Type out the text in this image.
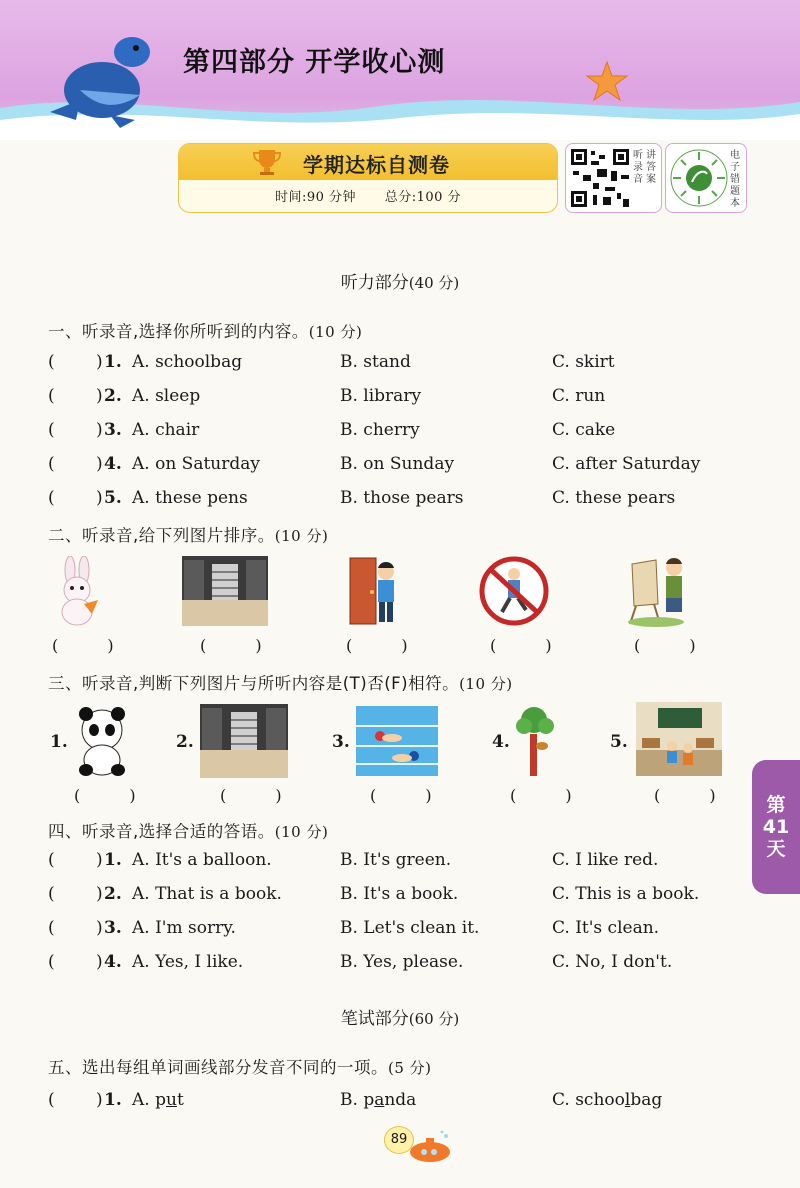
第四部分 开学收心测
学期达标自测卷
时间:90 分钟 总分:100 分
听
录
音
讲
答
案
电
子
错
题
本
第
41
天
听力部分(40 分)
一、听录音,选择你所听到的内容。(10 分)
( ) 1. A. schoolbag	B. stand	C. skirt
( ) 2. A. sleep	B. library	C. run
( ) 3. A. chair	B. cherry	C. cake
( ) 4. A. on Saturday	B. on Sunday	C. after Saturday
( ) 5. A. these pens	B. those pears	C. these pears
二、听录音,给下列图片排序。(10 分)
( )	( )	( )	( )	( )
三、听录音,判断下列图片与所听内容是(T)否(F)相符。(10 分)
1.	2.	3.	4.	5.
( )	( )	( )	( )	( )
四、听录音,选择合适的答语。(10 分)
( ) 1. A. It's a balloon.	B. It's green.	C. I like red.
( ) 2. A. That is a book.	B. It's a book.	C. This is a book.
( ) 3. A. I'm sorry.	B. Let's clean it.	C. It's clean.
( ) 4. A. Yes, I like.	B. Yes, please.	C. No, I don't.
笔试部分(60 分)
五、选出每组单词画线部分发音不同的一项。(5 分)
( ) 1. A. put	B. panda	C. schoolbag
89
